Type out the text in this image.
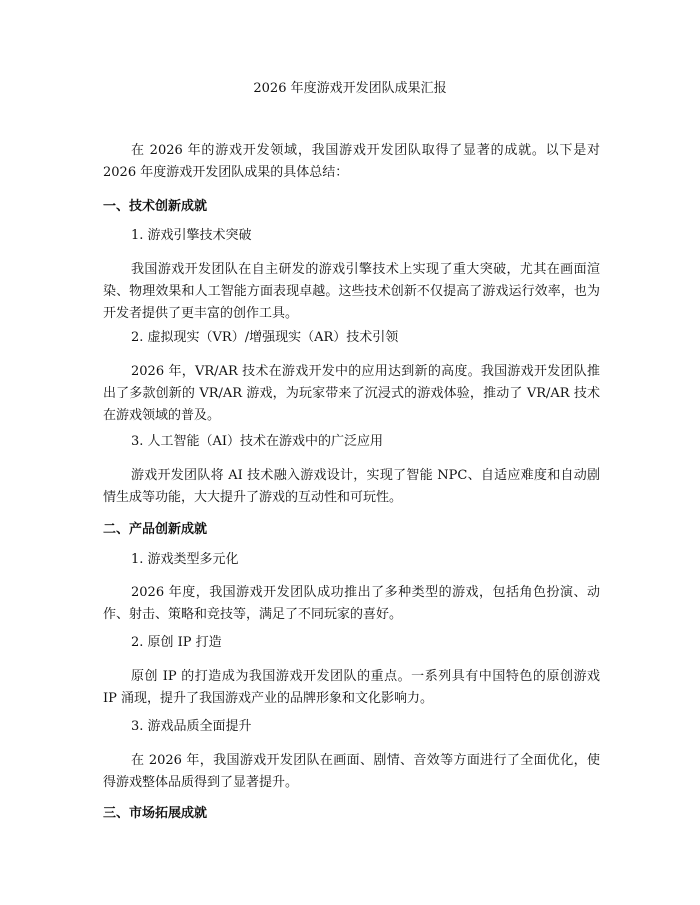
2026 年度游戏开发团队成果汇报
在 2026 年的游戏开发领域，我国游戏开发团队取得了显著的成就。以下是对 2026 年度游戏开发团队成果的具体总结：
一、技术创新成就
1. 游戏引擎技术突破
我国游戏开发团队在自主研发的游戏引擎技术上实现了重大突破，尤其在画面渲染、物理效果和人工智能方面表现卓越。这些技术创新不仅提高了游戏运行效率，也为开发者提供了更丰富的创作工具。
2. 虚拟现实（VR）/增强现实（AR）技术引领
2026 年，VR/AR 技术在游戏开发中的应用达到新的高度。我国游戏开发团队推出了多款创新的 VR/AR 游戏，为玩家带来了沉浸式的游戏体验，推动了 VR/AR 技术在游戏领域的普及。
3. 人工智能（AI）技术在游戏中的广泛应用
游戏开发团队将 AI 技术融入游戏设计，实现了智能 NPC、自适应难度和自动剧情生成等功能，大大提升了游戏的互动性和可玩性。
二、产品创新成就
1. 游戏类型多元化
2026 年度，我国游戏开发团队成功推出了多种类型的游戏，包括角色扮演、动作、射击、策略和竞技等，满足了不同玩家的喜好。
2. 原创 IP 打造
原创 IP 的打造成为我国游戏开发团队的重点。一系列具有中国特色的原创游戏 IP 涌现，提升了我国游戏产业的品牌形象和文化影响力。
3. 游戏品质全面提升
在 2026 年，我国游戏开发团队在画面、剧情、音效等方面进行了全面优化，使得游戏整体品质得到了显著提升。
三、市场拓展成就
